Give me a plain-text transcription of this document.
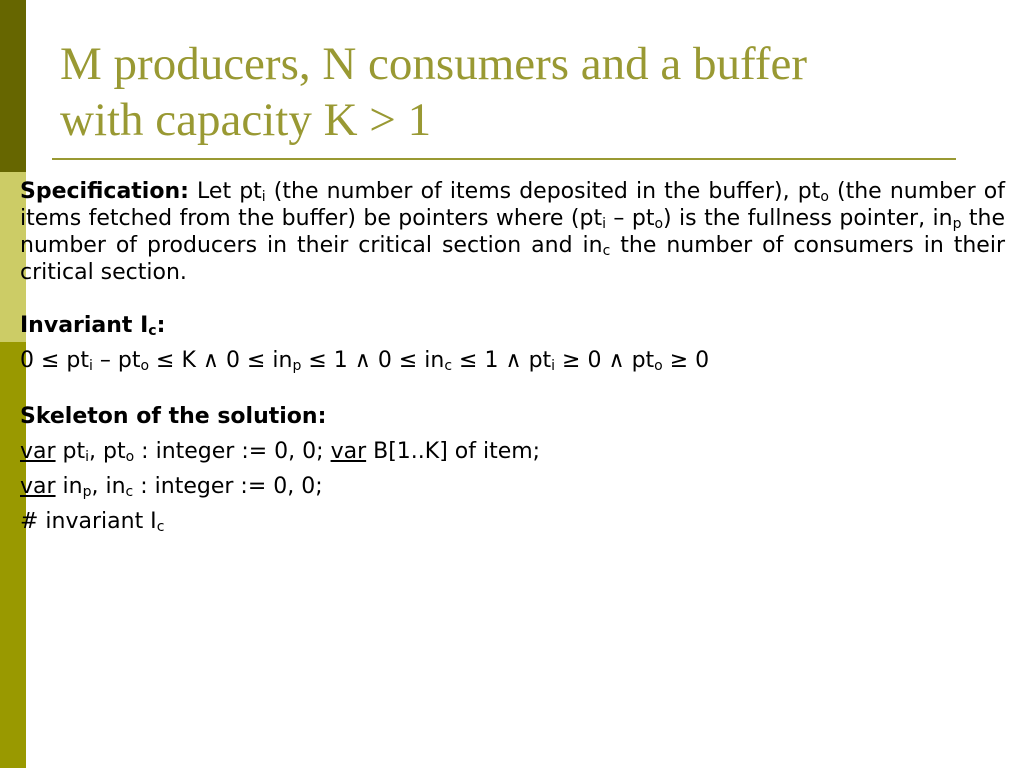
M producers, N consumers and a buffer
with capacity K > 1

Specification: Let $pt_i$ (the number of items deposited in the buffer), $pt_o$ (the number of items fetched from the buffer) be pointers where $(pt_i - pt_o)$ is the fullness pointer, $in_p$ the number of producers in their critical section and $in_c$ the number of consumers in their critical section.

Invariant $I_c$:

$0 \le pt_i - pt_o \le K$ ∧ $0 \le in_p \le 1$ ∧ $0 \le in_c \le 1$ ∧ $pt_i \ge 0$ ∧ $pt_o \ge 0$

Skeleton of the solution:

var $pt_i$, $pt_o$ : integer := 0, 0; var B[1..K] of item;

var $in_p$, $in_c$ : integer := 0, 0;

# invariant $I_c$
